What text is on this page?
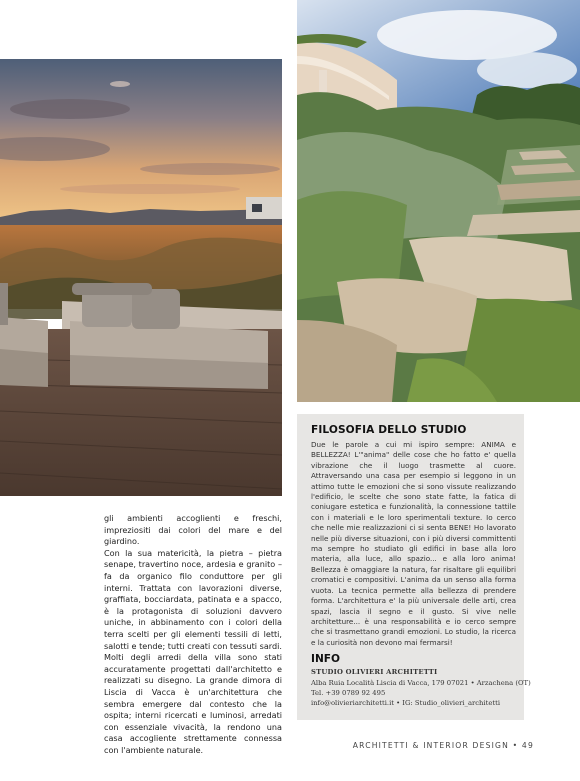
gli ambienti accoglienti e freschi, impreziositi dai colori del mare e del giardino.

Con la sua matericità, la pietra – pietra senape, travertino noce, ardesia e granito – fa da organico filo conduttore per gli interni. Trattata con lavorazioni diverse, graffiata, bocciardata, patinata e a spacco, è la protagonista di soluzioni davvero uniche, in abbinamento con i colori della terra scelti per gli elementi tessili di letti, salotti e tende; tutti creati con tessuti sardi.

Molti degli arredi della villa sono stati accuratamente progettati dall'architetto e realizzati su disegno. La grande dimora di Liscia di Vacca è un'architettura che sembra emergere dal contesto che la ospita; interni ricercati e luminosi, arredati con essenziale vivacità, la rendono una casa accogliente strettamente connessa con l'ambiente naturale.

FILOSOFIA DELLO STUDIO

Due le parole a cui mi ispiro sempre: ANIMA e BELLEZZA! L'"anima" delle cose che ho fatto e' quella vibrazione che il luogo trasmette al cuore. Attraversando una casa per esempio si leggono in un attimo tutte le emozioni che si sono vissute realizzando l'edificio, le scelte che sono state fatte, la fatica di coniugare estetica e funzionalità, la connessione tattile con i materiali e le loro sperimentali texture. Io cerco che nelle mie realizzazioni ci si senta BENE! Ho lavorato nelle più diverse situazioni, con i più diversi committenti ma sempre ho studiato gli edifici in base alla loro materia, alla luce, allo spazio... e alla loro anima! Bellezza è omaggiare la natura, far risaltare gli equilibri cromatici e compositivi. L'anima da un senso alla forma vuota. La tecnica permette alla bellezza di prendere forma. L'architettura e' la più universale delle arti, crea spazi, lascia il segno e il gusto. Si vive nelle architetture... è una responsabilità e io cerco sempre che si trasmettano grandi emozioni. Lo studio, la ricerca e la curiosità non devono mai fermarsi!

INFO
STUDIO OLIVIERI ARCHITETTI
Alba Ruia Località Liscia di Vacca, 179 07021 • Arzachena (OT)
Tel. +39 0789 92 495
info@olivieriarchitetti.it • IG: Studio_olivieri_architetti
ARCHITETTI & INTERIOR DESIGN • 49
